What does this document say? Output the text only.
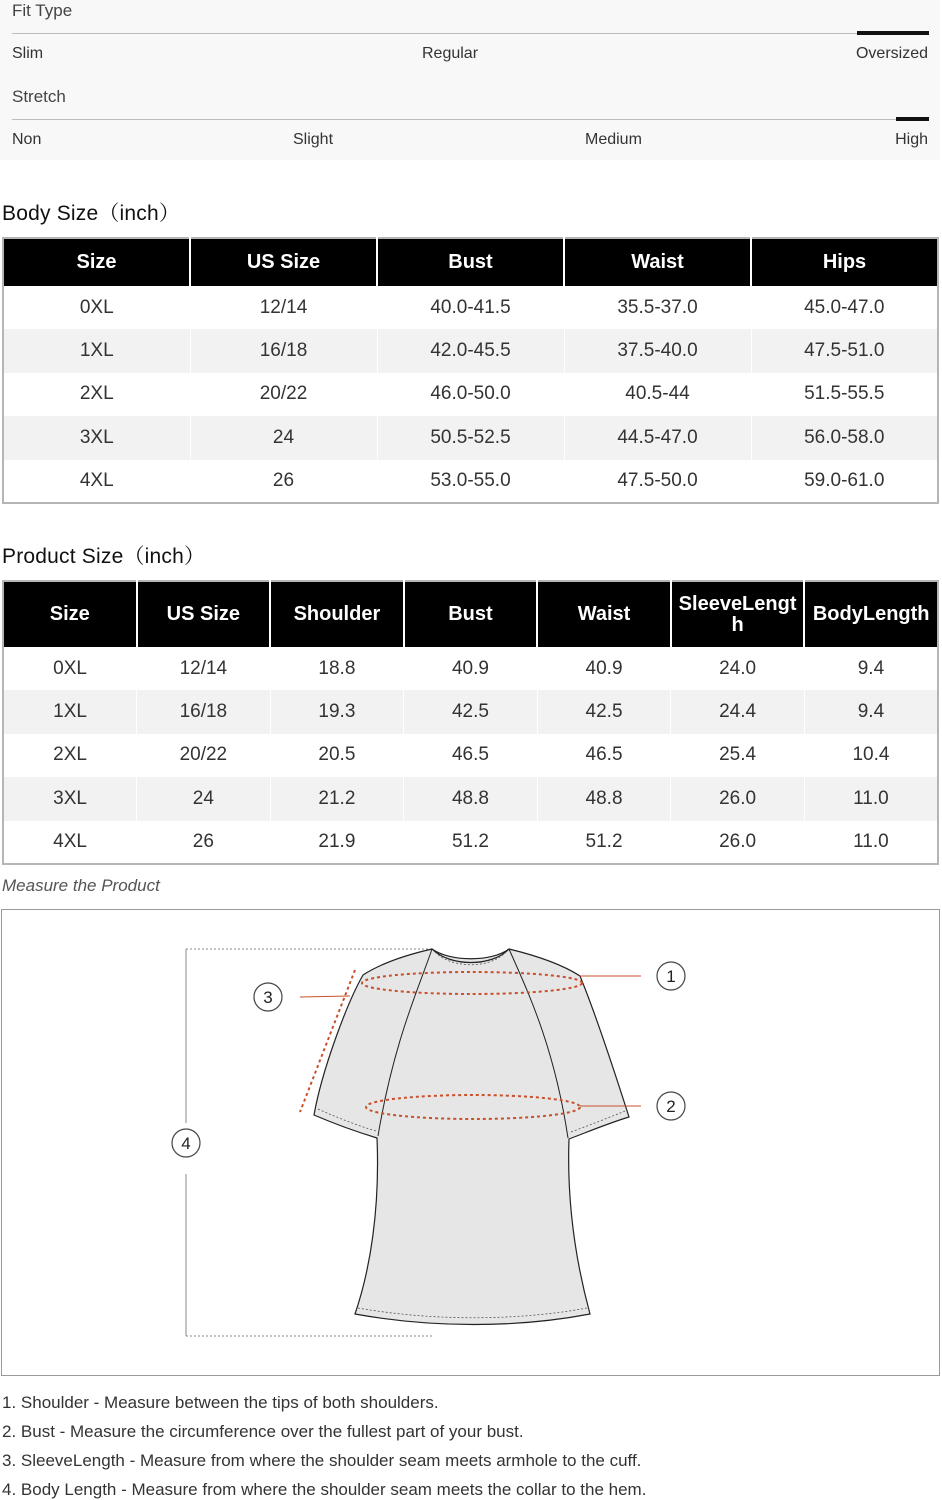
Fit Type
Slim	Regular	Oversized
Stretch
Non	Slight	Medium	High
Body Size（inch）
Size	US Size	Bust	Waist	Hips
0XL	12/14	40.0-41.5	35.5-37.0	45.0-47.0
1XL	16/18	42.0-45.5	37.5-40.0	47.5-51.0
2XL	20/22	46.0-50.0	40.5-44	51.5-55.5
3XL	24	50.5-52.5	44.5-47.0	56.0-58.0
4XL	26	53.0-55.0	47.5-50.0	59.0-61.0
Product Size（inch）
Size	US Size	Shoulder	Bust	Waist	SleeveLength	BodyLength
0XL	12/14	18.8	40.9	40.9	24.0	9.4
1XL	16/18	19.3	42.5	42.5	24.4	9.4
2XL	20/22	20.5	46.5	46.5	25.4	10.4
3XL	24	21.2	48.8	48.8	26.0	11.0
4XL	26	21.9	51.2	51.2	26.0	11.0
Measure the Product
1
2
3
4
1. Shoulder - Measure between the tips of both shoulders.
2. Bust - Measure the circumference over the fullest part of your bust.
3. SleeveLength - Measure from where the shoulder seam meets armhole to the cuff.
4. Body Length - Measure from where the shoulder seam meets the collar to the hem.
